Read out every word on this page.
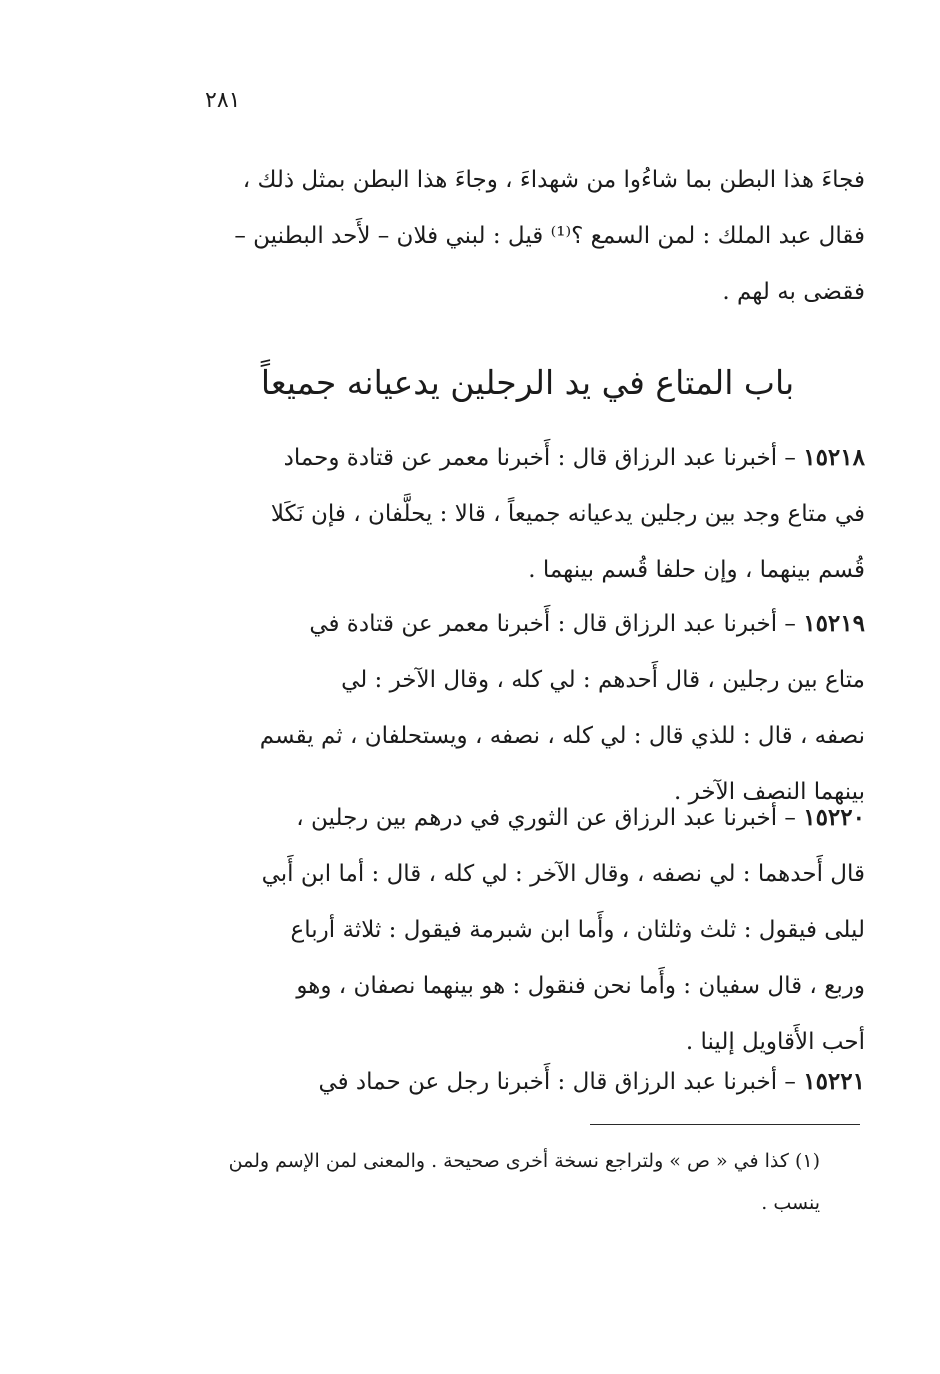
٢٨١
فجاءَ هذا البطن بما شاءُوا من شهداءَ ، وجاءَ هذا البطن بمثل ذلك ،
فقال عبد الملك : لمن السمع ؟⁽¹⁾ قيل : لبني فلان – لأَحد البطنين –
فقضى به لهم .
باب المتاع في يد الرجلين يدعيانه جميعاً
١٥٢١٨ – أخبرنا عبد الرزاق قال : أَخبرنا معمر عن قتادة وحماد
في متاع وجد بين رجلين يدعيانه جميعاً ، قالا : يحلَّفان ، فإن نَكَلا
قُسم بينهما ، وإن حلفا قُسم بينهما .
١٥٢١٩ – أخبرنا عبد الرزاق قال : أَخبرنا معمر عن قتادة في
متاع بين رجلين ، قال أَحدهم : لي كله ، وقال الآخر : لي
نصفه ، قال : للذي قال : لي كله ، نصفه ، ويستحلفان ، ثم يقسم
بينهما النصف الآخر .
١٥٢٢٠ – أخبرنا عبد الرزاق عن الثوري في درهم بين رجلين ،
قال أَحدهما : لي نصفه ، وقال الآخر : لي كله ، قال : أما ابن أَبي
ليلى فيقول : ثلث وثلثان ، وأَما ابن شبرمة فيقول : ثلاثة أرباع
وربع ، قال سفيان : وأَما نحن فنقول : هو بينهما نصفان ، وهو
أحب الأَقاويل إلينا .
١٥٢٢١ – أخبرنا عبد الرزاق قال : أَخبرنا رجل عن حماد في
(١) كذا في « ص » ولتراجع نسخة أخرى صحيحة . والمعنى لمن الإسم ولمن
ينسب .
